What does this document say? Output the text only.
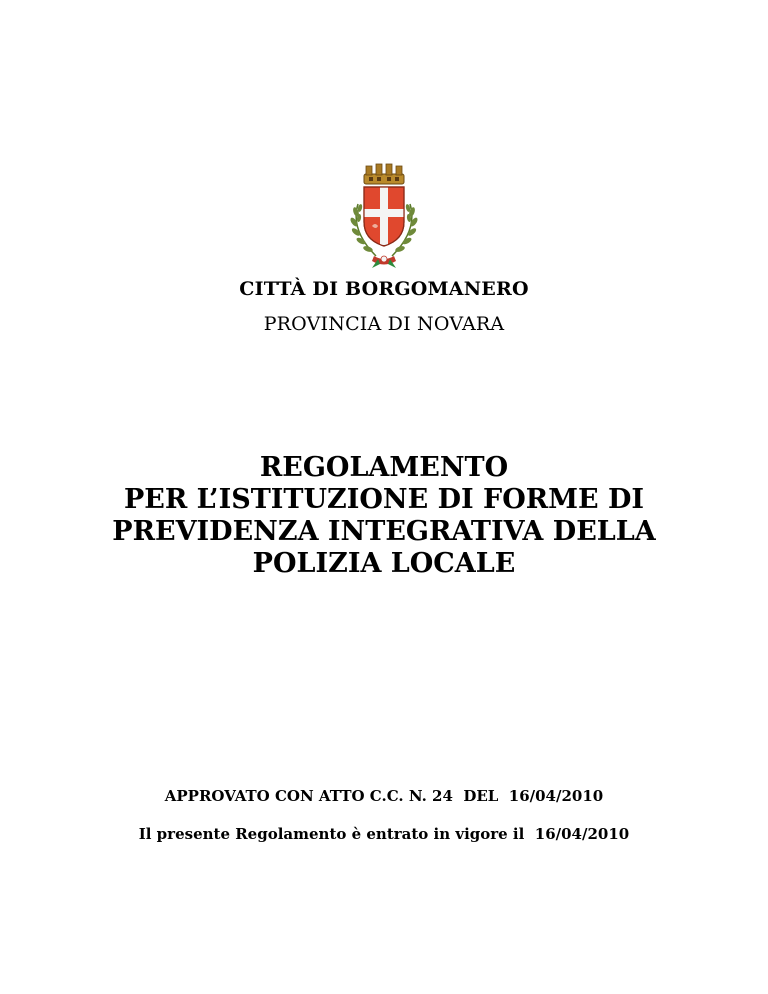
CITTÀ DI BORGOMANERO
PROVINCIA DI NOVARA
REGOLAMENTO
PER L’ISTITUZIONE DI FORME DI
PREVIDENZA INTEGRATIVA DELLA
POLIZIA LOCALE
APPROVATO CON ATTO C.C. N. 24  DEL  16/04/2010
Il presente Regolamento è entrato in vigore il  16/04/2010
